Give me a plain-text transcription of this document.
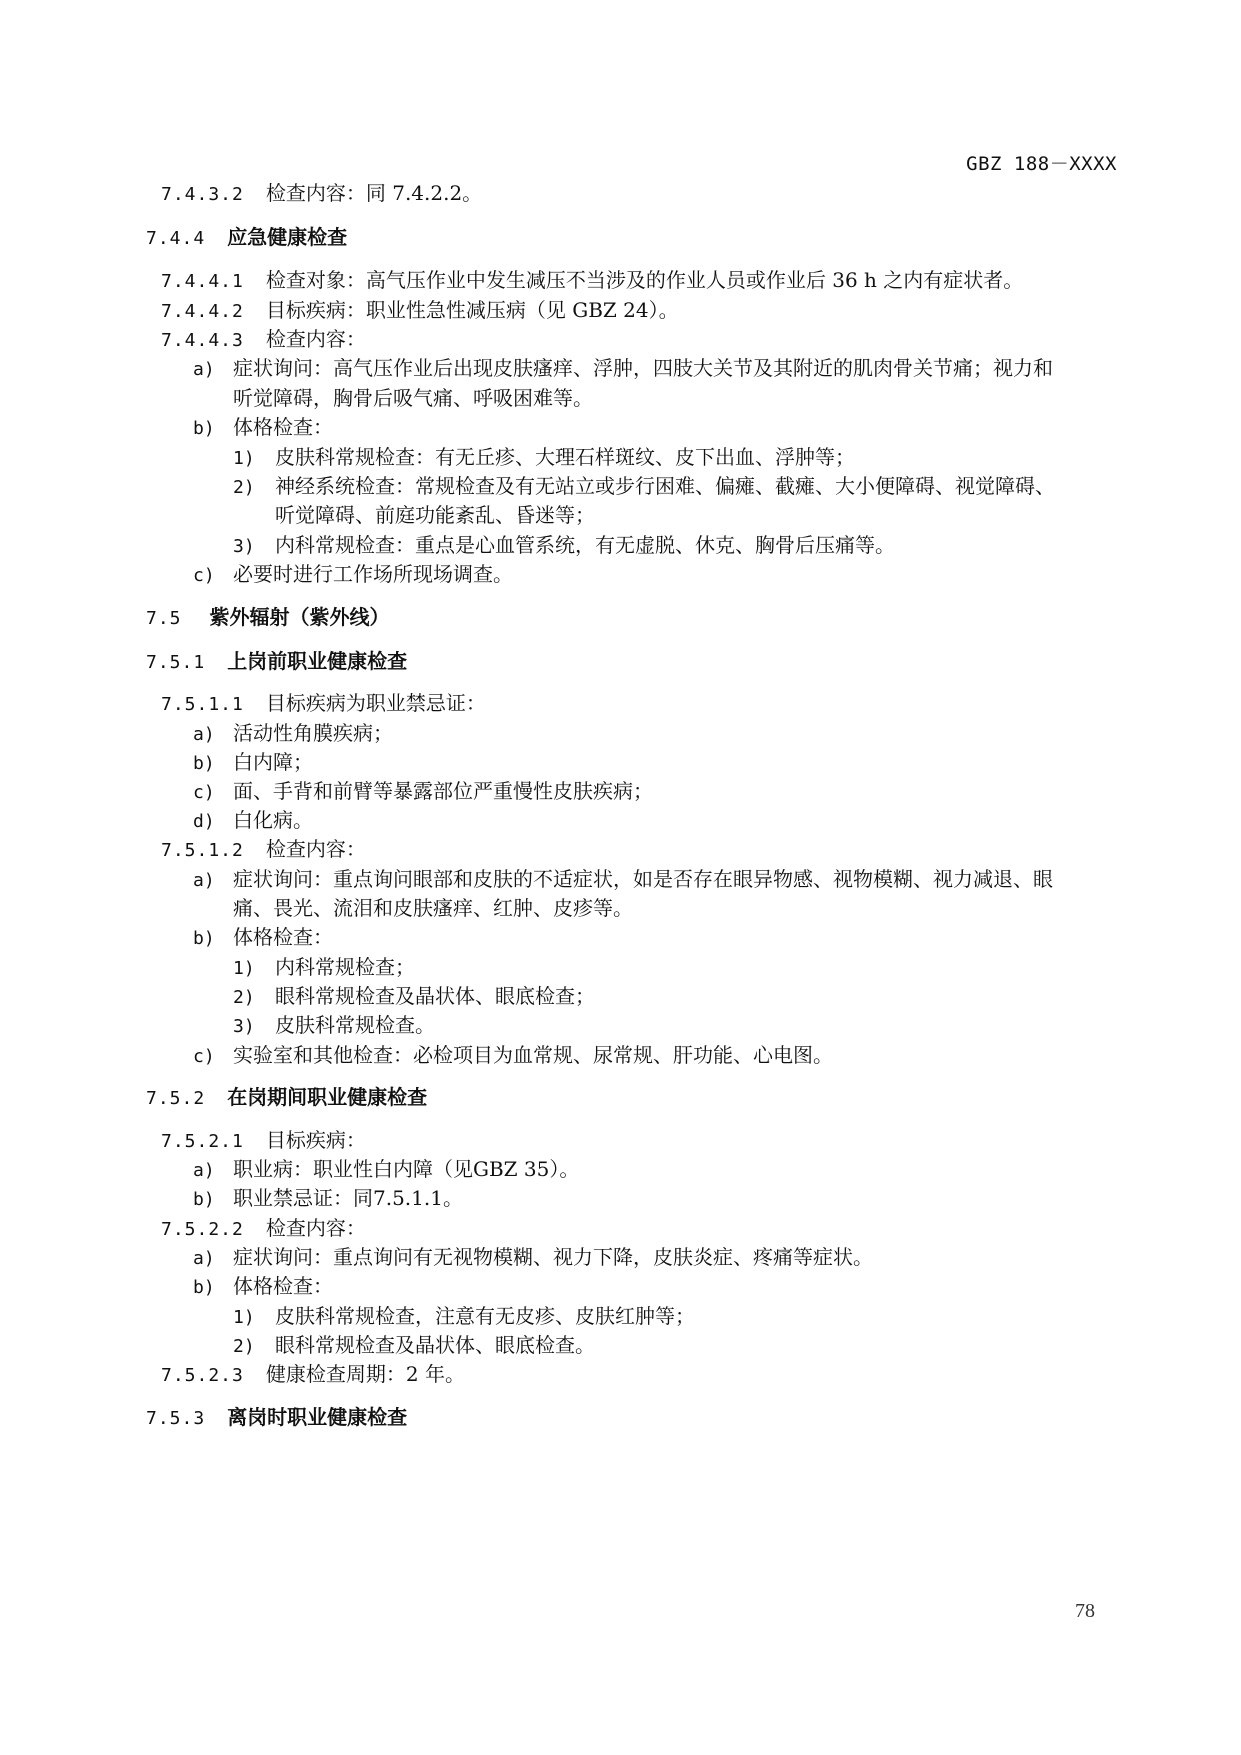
GBZ 188－XXXX
7.4.3.2 检查内容：同 7.4.2.2。
7.4.4 应急健康检查
7.4.4.1 检查对象：高气压作业中发生减压不当涉及的作业人员或作业后 36 h 之内有症状者。
7.4.4.2 目标疾病：职业性急性减压病（见 GBZ 24）。
7.4.4.3 检查内容：
a) 症状询问：高气压作业后出现皮肤瘙痒、浮肿，四肢大关节及其附近的肌肉骨关节痛；视力和
听觉障碍，胸骨后吸气痛、呼吸困难等。
b) 体格检查：
1) 皮肤科常规检查：有无丘疹、大理石样斑纹、皮下出血、浮肿等；
2) 神经系统检查：常规检查及有无站立或步行困难、偏瘫、截瘫、大小便障碍、视觉障碍、
听觉障碍、前庭功能紊乱、昏迷等；
3) 内科常规检查：重点是心血管系统，有无虚脱、休克、胸骨后压痛等。
c) 必要时进行工作场所现场调查。
7.5 紫外辐射（紫外线）
7.5.1 上岗前职业健康检查
7.5.1.1 目标疾病为职业禁忌证：
a) 活动性角膜疾病；
b) 白内障；
c) 面、手背和前臂等暴露部位严重慢性皮肤疾病；
d) 白化病。
7.5.1.2 检查内容：
a) 症状询问：重点询问眼部和皮肤的不适症状，如是否存在眼异物感、视物模糊、视力减退、眼
痛、畏光、流泪和皮肤瘙痒、红肿、皮疹等。
b) 体格检查：
1) 内科常规检查；
2) 眼科常规检查及晶状体、眼底检查；
3) 皮肤科常规检查。
c) 实验室和其他检查：必检项目为血常规、尿常规、肝功能、心电图。
7.5.2 在岗期间职业健康检查
7.5.2.1 目标疾病：
a) 职业病：职业性白内障（见GBZ 35）。
b) 职业禁忌证：同7.5.1.1。
7.5.2.2 检查内容：
a) 症状询问：重点询问有无视物模糊、视力下降，皮肤炎症、疼痛等症状。
b) 体格检查：
1) 皮肤科常规检查，注意有无皮疹、皮肤红肿等；
2) 眼科常规检查及晶状体、眼底检查。
7.5.2.3 健康检查周期：2 年。
7.5.3 离岗时职业健康检查
78
